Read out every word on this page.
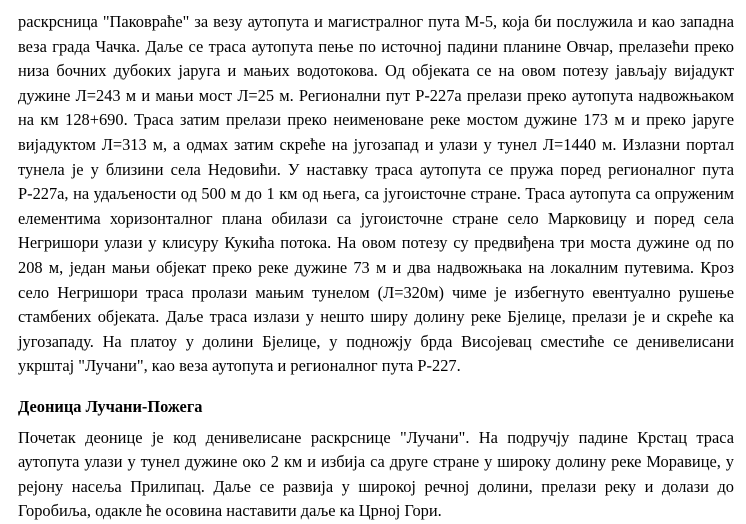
раскрсница "Паковраће" за везу аутопута и магистралног пута М-5, која би послужила и као западна веза града Чачка. Даље се траса аутопута пење по источној падини планине Овчар, прелазећи преко низа бочних дубоких јаруга и мањих водотокова. Од објеката се на овом потезу јављају вијадукт дужине Л=243 м и мањи мост Л=25 м. Регионални пут Р-227а прелази преко аутопута надвожњаком на км 128+690. Траса затим прелази преко неименоване реке мостом дужине 173 м и преко јаруге вијадуктом Л=313 м, а одмах затим скреће на југозапад и улази у тунел Л=1440 м. Излазни портал тунела је у близини села Недовићи. У наставку траса аутопута се пружа поред регионалног пута Р-227а, на удаљености од 500 м до 1 км од њега, са југоисточне стране. Траса аутопута са опруженим елементима хоризонталног плана обилази са југоисточне стране село Марковицу и поред села Негришори улази у клисуру Кукића потока. На овом потезу су предвиђена три моста дужине од по 208 м, један мањи објекат преко реке дужине 73 м и два надвожњака на локалним путевима. Кроз село Негришори траса пролази мањим тунелом (Л=320м) чиме је избегнуто евентуално рушење стамбених објеката. Даље траса излази у нешто ширу долину реке Бјелице, прелази је и скреће ка југозападу. На платоу у долини Бјелице, у подножју брда Висојевац сместиће се денивелисани укрштај "Лучани", као веза аутопута и регионалног пута Р-227.

Деоница Лучани-Пожега

Почетак деонице је код денивелисане раскрснице "Лучани". На подручју падине Крстац траса аутопута улази у тунел дужине око 2 км и избија са друге стране у широку долину реке Моравице, у рејону насеља Прилипац. Даље се развија у широкој речној долини, прелази реку и долази до Горобиља, одакле ће осовина наставити даље ка Црној Гори.
